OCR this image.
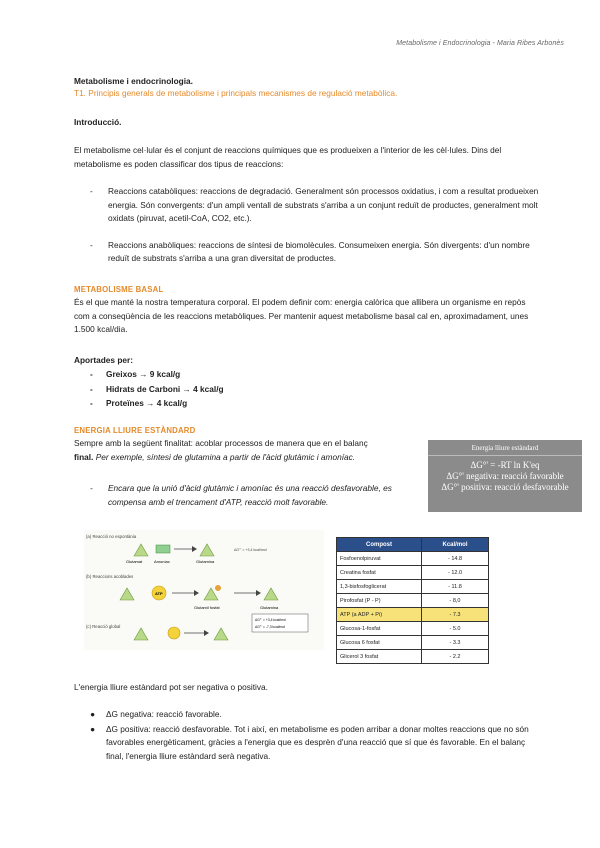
Metabolisme i Endocrinologia - Maria Ribes Arbonès
Metabolisme i endocrinologia.
T1. Principis generals de metabolisme i principals mecanismes de regulació metabòlica.
Introducció.
El metabolisme cel·lular és el conjunt de reaccions químiques que es produeixen a l'interior de les cèl·lules. Dins del metabolisme es poden classificar dos tipus de reaccions:
- Reaccions catabòliques: reaccions de degradació. Generalment són processos oxidatius, i com a resultat produeixen energia. Són convergents: d'un ampli ventall de substrats s'arriba a un conjunt reduït de productes, generalment molt oxidats (piruvat, acetil-CoA, CO2, etc.).
- Reaccions anabòliques: reaccions de síntesi de biomolècules. Consumeixen energia. Són divergents: d'un nombre reduït de substrats s'arriba a una gran diversitat de productes.
METABOLISME BASAL
És el que manté la nostra temperatura corporal. El podem definir com: energia calòrica que allibera un organisme en repòs com a conseqüència de les reaccions metabòliques. Per mantenir aquest metabolisme basal cal en, aproximadament, unes 1.500 kcal/dia.
Aportades per:
- Greixos → 9 kcal/g
- Hidrats de Carboni → 4 kcal/g
- Proteïnes → 4 kcal/g
ENERGIA LLIURE ESTÀNDARD
Sempre amb la següent finalitat: acoblar processos de manera que en el balanç
final. Per exemple, síntesi de glutamina a partir de l'àcid glutàmic i amoníac.
Energia lliure estàndard
ΔG°' = -RT ln K'eq
ΔG°' negativa: reacció favorable
ΔG°' positiva: reacció desfavorable
- Encara que la unió d'àcid glutàmic i amoníac és una reacció desfavorable, es compensa amb el trencament d'ATP, reacció molt favorable.
(a) Reacció no espontània
(b) Reaccions acoblades
(c) Reacció global
Glutamat	Amoníac	Glutamina
ΔG°' = +3,4 kcal/mol
ATP
Glutamil fosfat	Glutamina
ΔG°' = +3,4 kcal/mol
ΔG°' = -7,3 kcal/mol
Compost	Kcal/mol
Fosfoenolpiruvat	- 14.8
Creatina fosfat	- 12.0
1,3-bisfosfoglicerat	- 11.8
Pirofosfat (P - P)	- 8,0
ATP (a ADP + Pi)	- 7.3
Glucosa-1-fosfat	- 5.0
Glucosa 6 fosfat	- 3.3
Glicerol 3 fosfat	- 2.2
L'energia lliure estàndard pot ser negativa o positiva.
● ΔG negativa: reacció favorable.
● ΔG positiva: reacció desfavorable. Tot i així, en metabolisme es poden arribar a donar moltes reaccions que no són favorables energèticament, gràcies a l'energia que es desprèn d'una reacció que sí que és favorable. En el balanç final, l'energia lliure estàndard serà negativa.
